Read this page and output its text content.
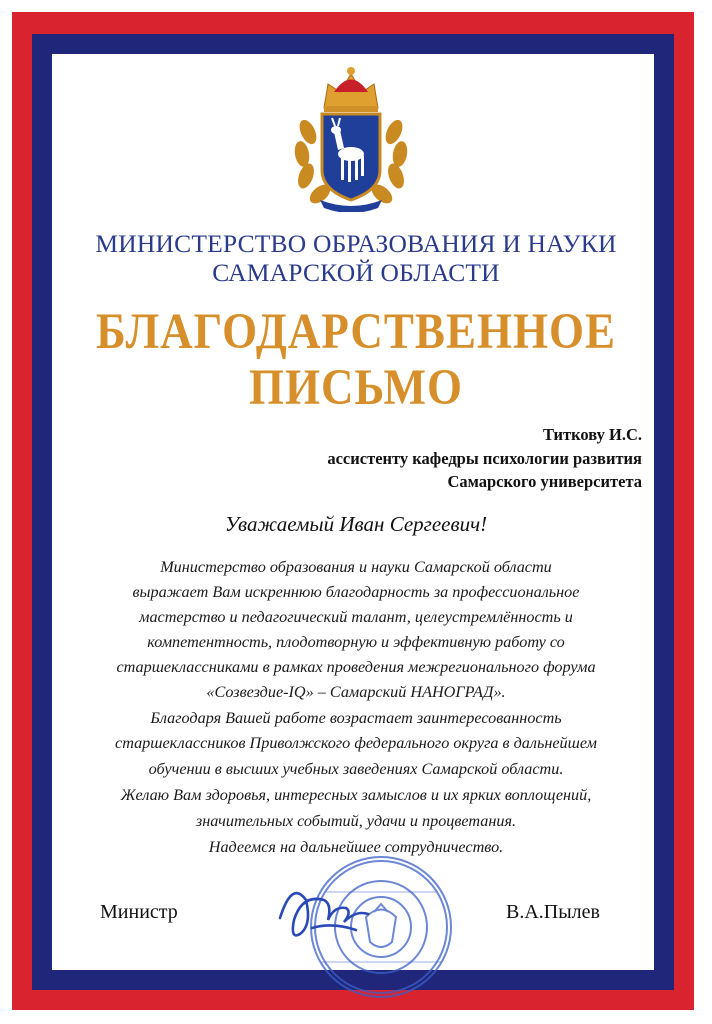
МИНИСТЕРСТВО ОБРАЗОВАНИЯ И НАУКИ
САМАРСКОЙ ОБЛАСТИ
БЛАГОДАРСТВЕННОЕ
ПИСЬМО
Титкову И.С.
ассистенту кафедры психологии развития
Самарского университета
Уважаемый Иван Сергеевич!
Министерство образования и науки Самарской области
выражает Вам искреннюю благодарность за профессиональное
мастерство и педагогический талант, целеустремлённость и
компетентность, плодотворную и эффективную работу со
старшеклассниками в рамках проведения межрегионального форума
«Созвездие-IQ» – Самарский НАНОГРАД».
Благодаря Вашей работе возрастает заинтересованность
старшеклассников Приволжского федерального округа в дальнейшем
обучении в высших учебных заведениях Самарской области.
Желаю Вам здоровья, интересных замыслов и их ярких воплощений,
значительных событий, удачи и процветания.
Надеемся на дальнейшее сотрудничество.
Министр	В.А.Пылев
